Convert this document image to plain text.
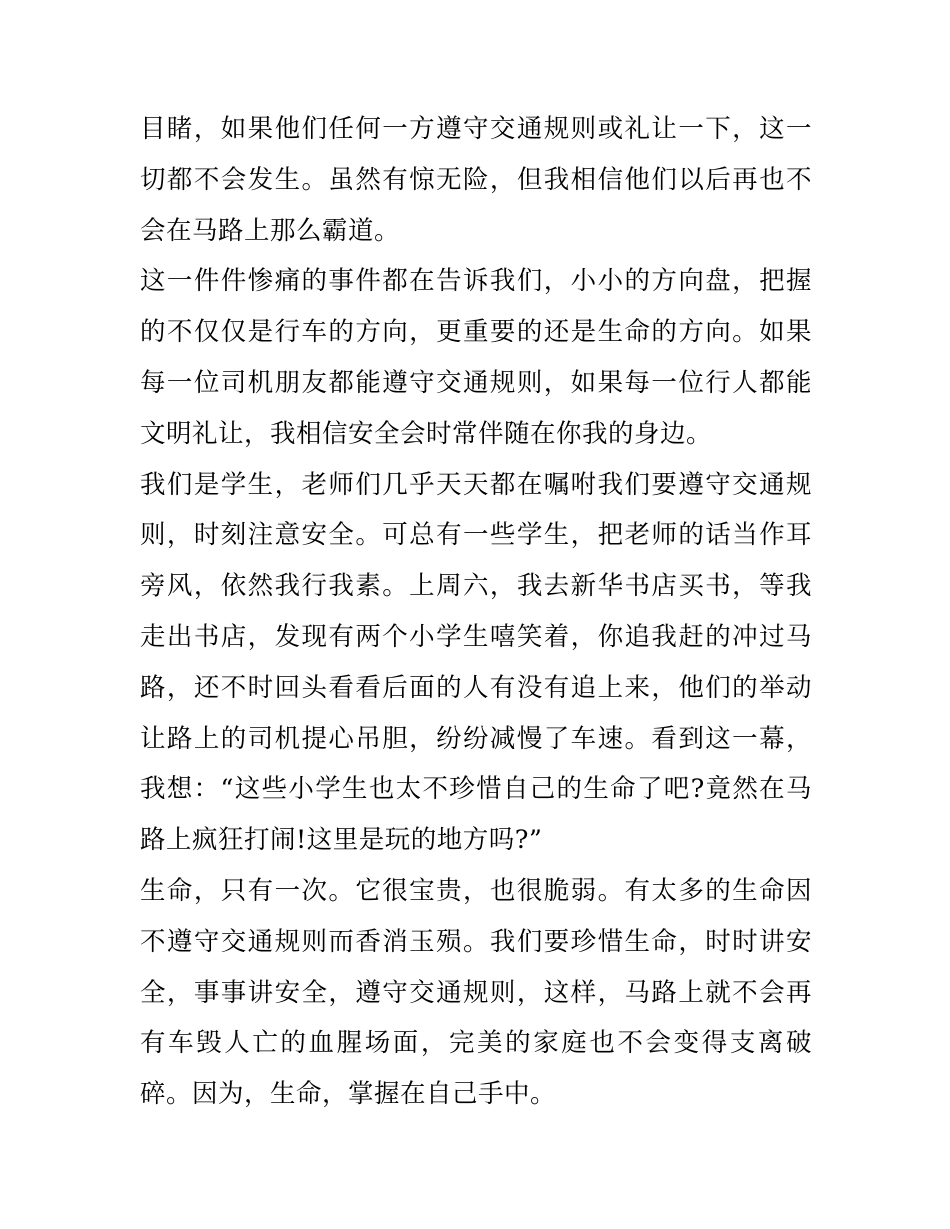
目睹，如果他们任何一方遵守交通规则或礼让一下，这一切都不会发生。虽然有惊无险，但我相信他们以后再也不会在马路上那么霸道。

这一件件惨痛的事件都在告诉我们，小小的方向盘，把握的不仅仅是行车的方向，更重要的还是生命的方向。如果每一位司机朋友都能遵守交通规则，如果每一位行人都能文明礼让，我相信安全会时常伴随在你我的身边。

我们是学生，老师们几乎天天都在嘱咐我们要遵守交通规则，时刻注意安全。可总有一些学生，把老师的话当作耳旁风，依然我行我素。上周六，我去新华书店买书，等我走出书店，发现有两个小学生嘻笑着，你追我赶的冲过马路，还不时回头看看后面的人有没有追上来，他们的举动让路上的司机提心吊胆，纷纷减慢了车速。看到这一幕，我想：“这些小学生也太不珍惜自己的生命了吧?竟然在马路上疯狂打闹!这里是玩的地方吗?”

生命，只有一次。它很宝贵，也很脆弱。有太多的生命因不遵守交通规则而香消玉殒。我们要珍惜生命，时时讲安全，事事讲安全，遵守交通规则，这样，马路上就不会再有车毁人亡的血腥场面，完美的家庭也不会变得支离破碎。因为，生命，掌握在自己手中。
